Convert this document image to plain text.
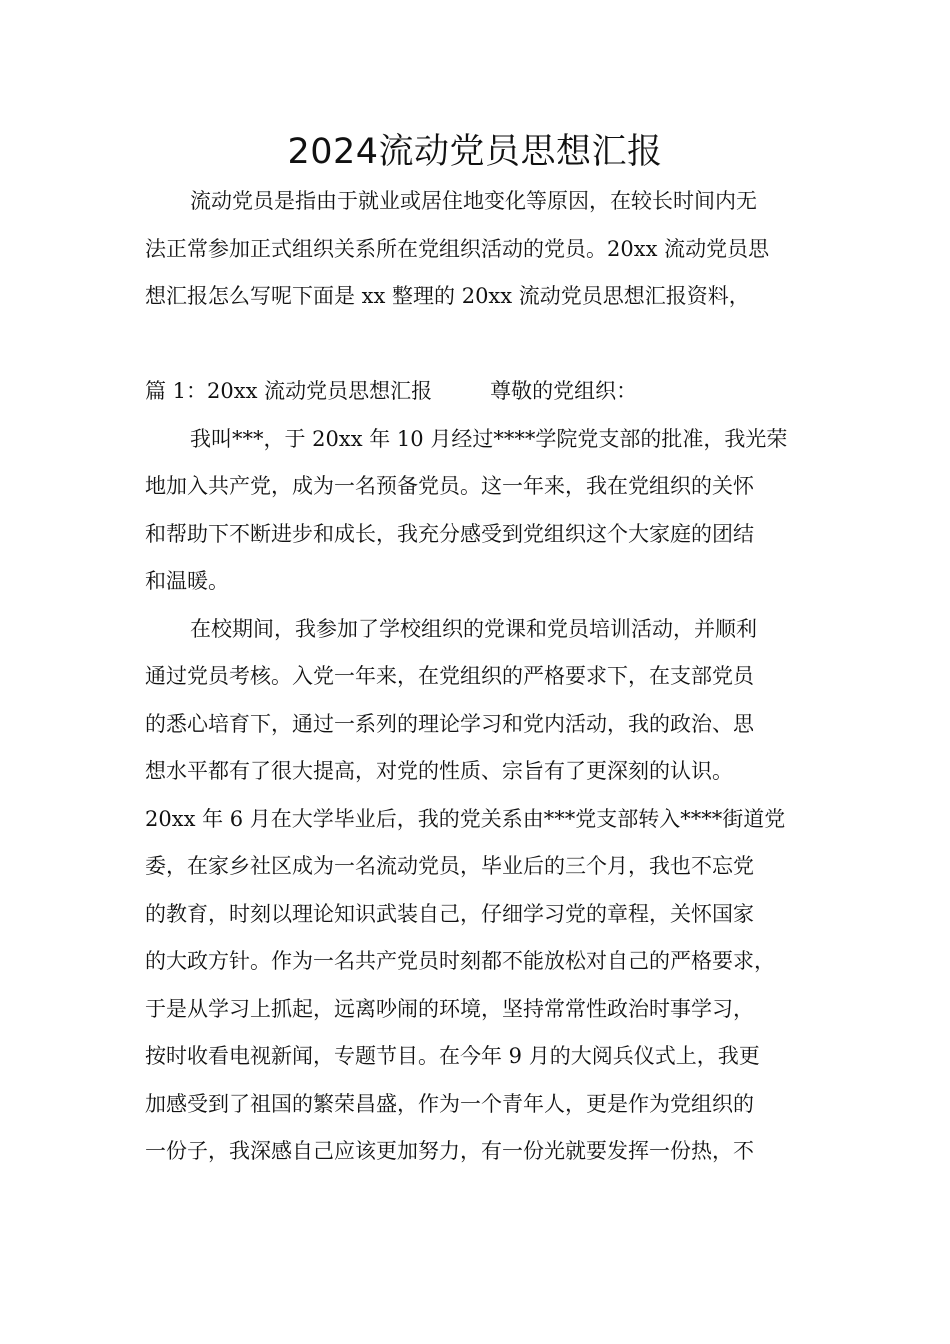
2024流动党员思想汇报
流动党员是指由于就业或居住地变化等原因，在较长时间内无
法正常参加正式组织关系所在党组织活动的党员。20xx 流动党员思
想汇报怎么写呢下面是 xx 整理的 20xx 流动党员思想汇报资料，
篇 1：20xx 流动党员思想汇报	尊敬的党组织：
我叫***，于 20xx 年 10 月经过****学院党支部的批准，我光荣
地加入共产党，成为一名预备党员。这一年来，我在党组织的关怀
和帮助下不断进步和成长，我充分感受到党组织这个大家庭的团结
和温暖。
在校期间，我参加了学校组织的党课和党员培训活动，并顺利
通过党员考核。入党一年来，在党组织的严格要求下，在支部党员
的悉心培育下，通过一系列的理论学习和党内活动，我的政治、思
想水平都有了很大提高，对党的性质、宗旨有了更深刻的认识。
20xx 年 6 月在大学毕业后，我的党关系由***党支部转入****街道党
委，在家乡社区成为一名流动党员，毕业后的三个月，我也不忘党
的教育，时刻以理论知识武装自己，仔细学习党的章程，关怀国家
的大政方针。作为一名共产党员时刻都不能放松对自己的严格要求，
于是从学习上抓起，远离吵闹的环境，坚持常常性政治时事学习，
按时收看电视新闻，专题节目。在今年 9 月的大阅兵仪式上，我更
加感受到了祖国的繁荣昌盛，作为一个青年人，更是作为党组织的
一份子，我深感自己应该更加努力，有一份光就要发挥一份热，不
